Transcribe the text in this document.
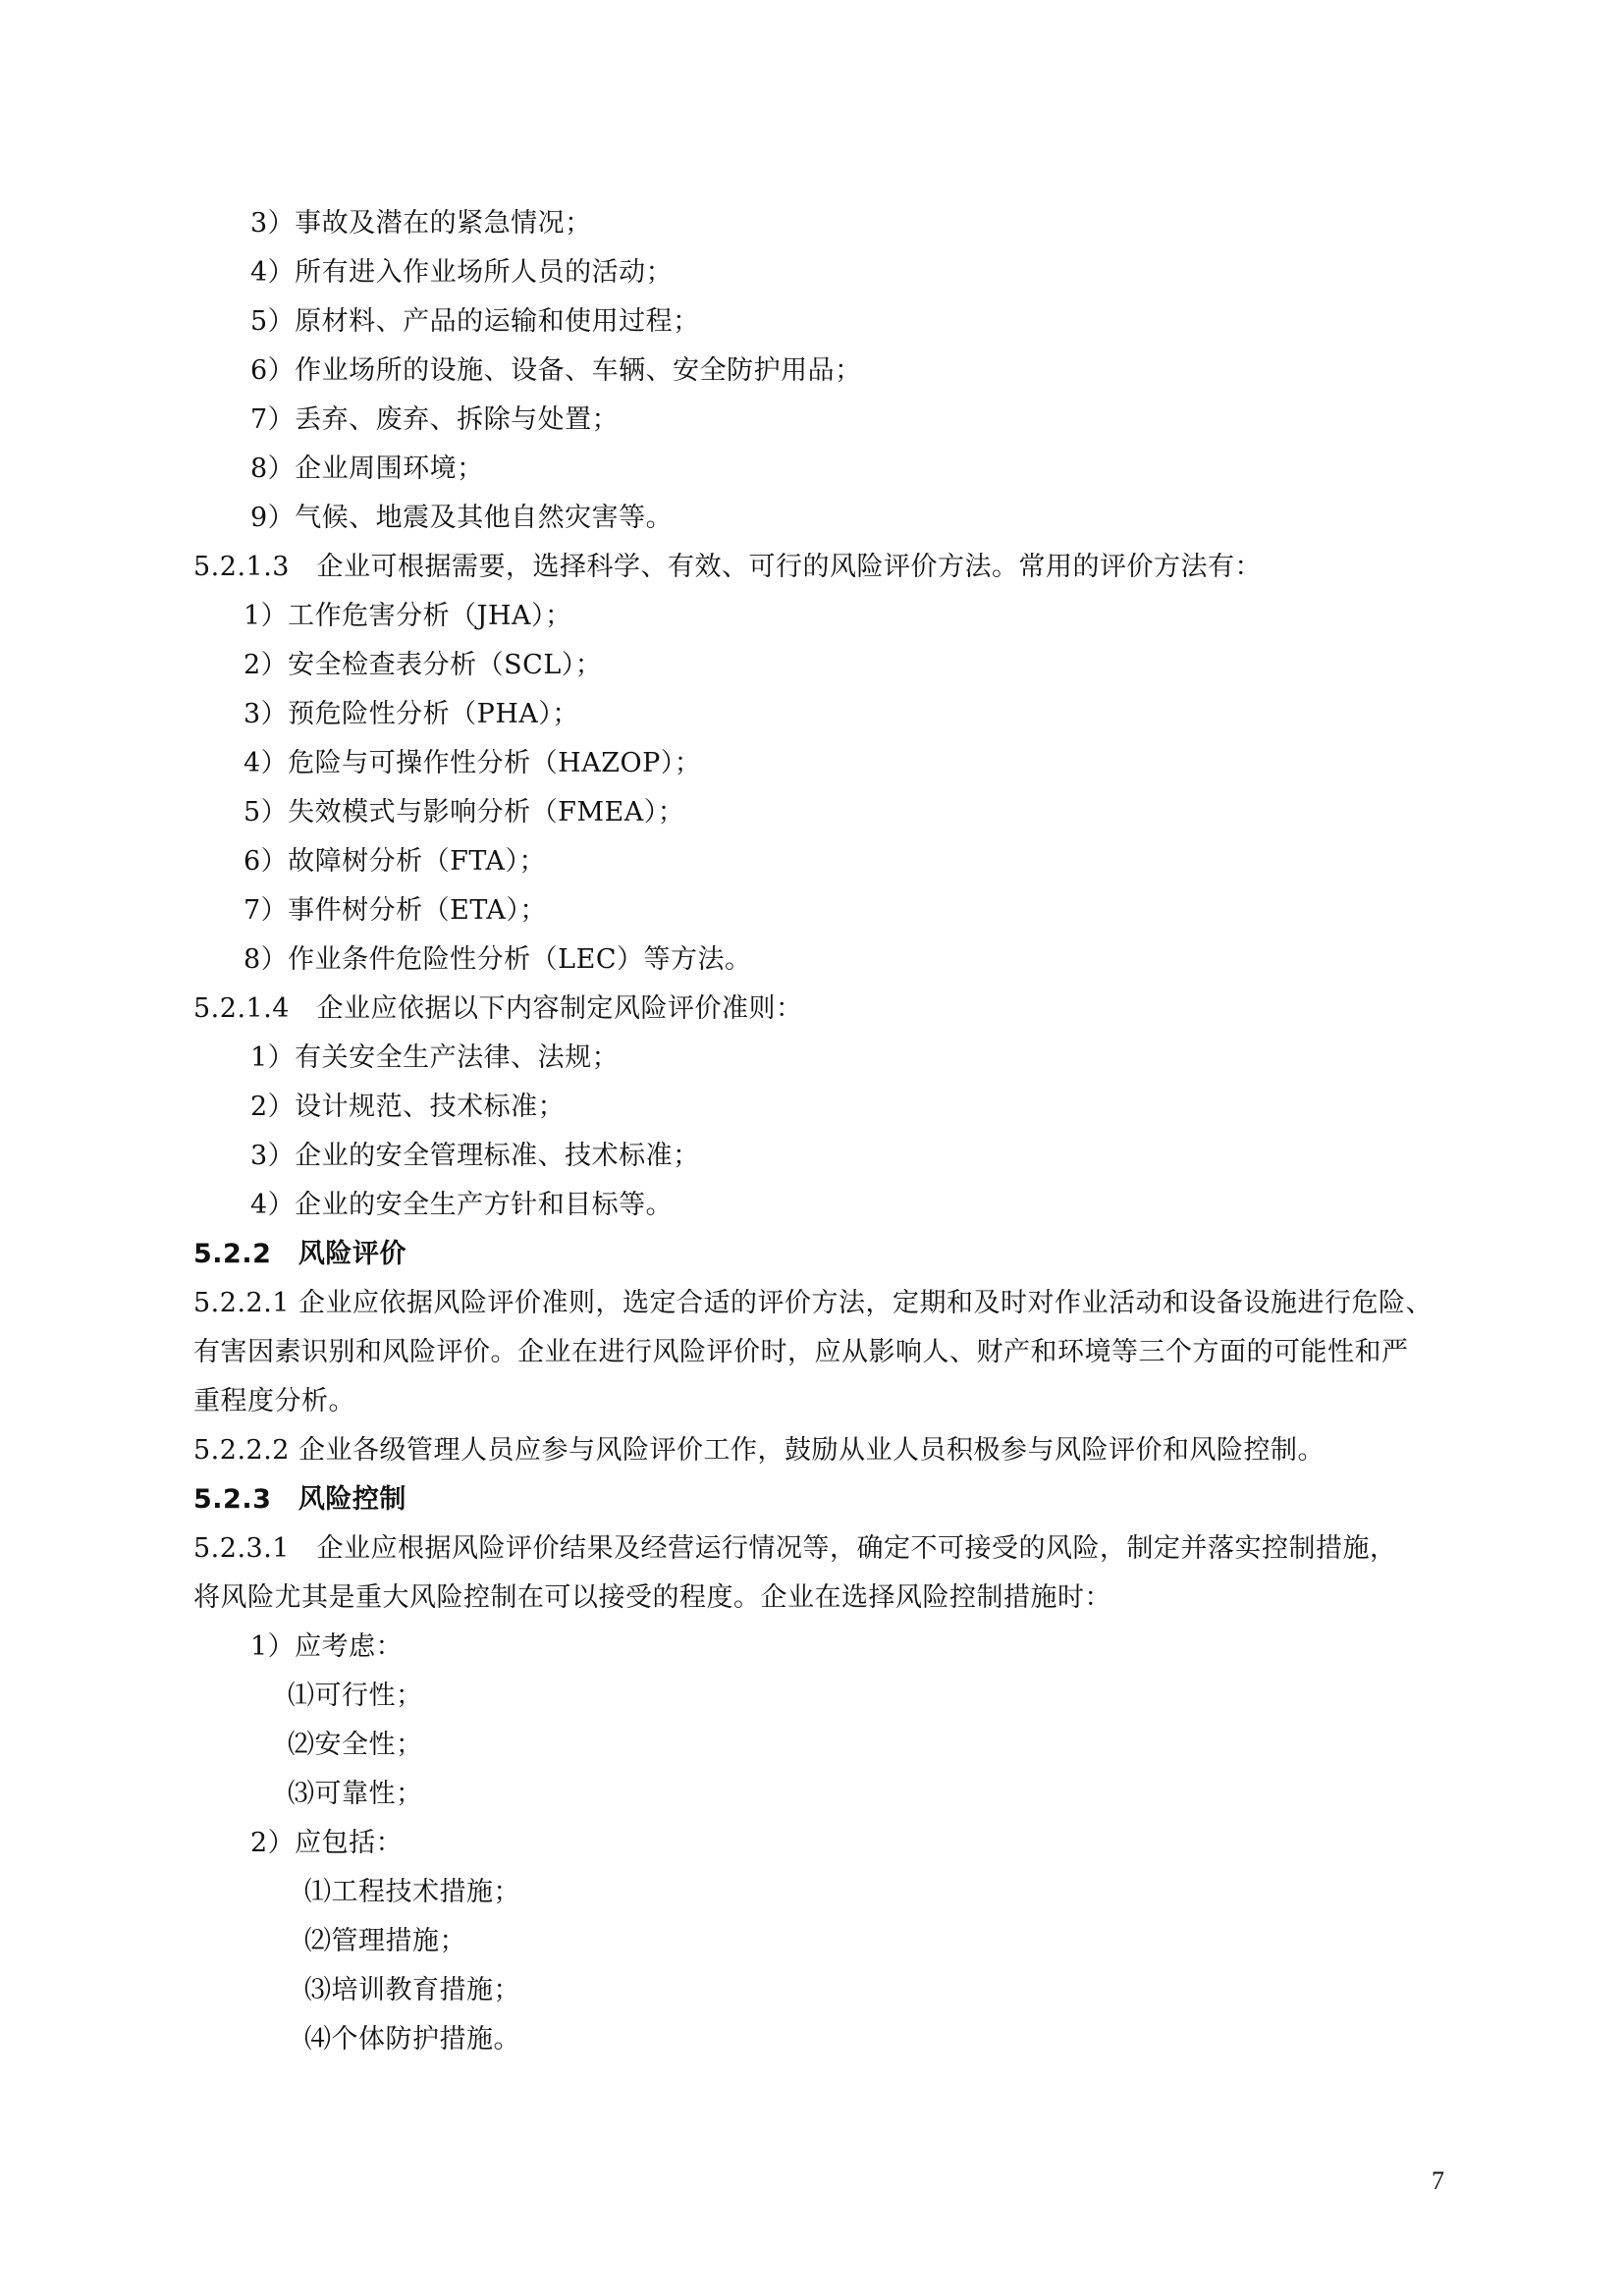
3）事故及潜在的紧急情况；
4）所有进入作业场所人员的活动；
5）原材料、产品的运输和使用过程；
6）作业场所的设施、设备、车辆、安全防护用品；
7）丢弃、废弃、拆除与处置；
8）企业周围环境；
9）气候、地震及其他自然灾害等。
5.2.1.3　企业可根据需要，选择科学、有效、可行的风险评价方法。常用的评价方法有：
1）工作危害分析（JHA）；
2）安全检查表分析（SCL）；
3）预危险性分析（PHA）；
4）危险与可操作性分析（HAZOP）；
5）失效模式与影响分析（FMEA）；
6）故障树分析（FTA）；
7）事件树分析（ETA）；
8）作业条件危险性分析（LEC）等方法。
5.2.1.4　企业应依据以下内容制定风险评价准则：
1）有关安全生产法律、法规；
2）设计规范、技术标准；
3）企业的安全管理标准、技术标准；
4）企业的安全生产方针和目标等。
5.2.2　风险评价
5.2.2.1 企业应依据风险评价准则，选定合适的评价方法，定期和及时对作业活动和设备设施进行危险、
有害因素识别和风险评价。企业在进行风险评价时，应从影响人、财产和环境等三个方面的可能性和严
重程度分析。
5.2.2.2 企业各级管理人员应参与风险评价工作，鼓励从业人员积极参与风险评价和风险控制。
5.2.3　风险控制
5.2.3.1　企业应根据风险评价结果及经营运行情况等，确定不可接受的风险，制定并落实控制措施，
将风险尤其是重大风险控制在可以接受的程度。企业在选择风险控制措施时：
1）应考虑：
⑴可行性；
⑵安全性；
⑶可靠性；
2）应包括：
⑴工程技术措施；
⑵管理措施；
⑶培训教育措施；
⑷个体防护措施。
7
